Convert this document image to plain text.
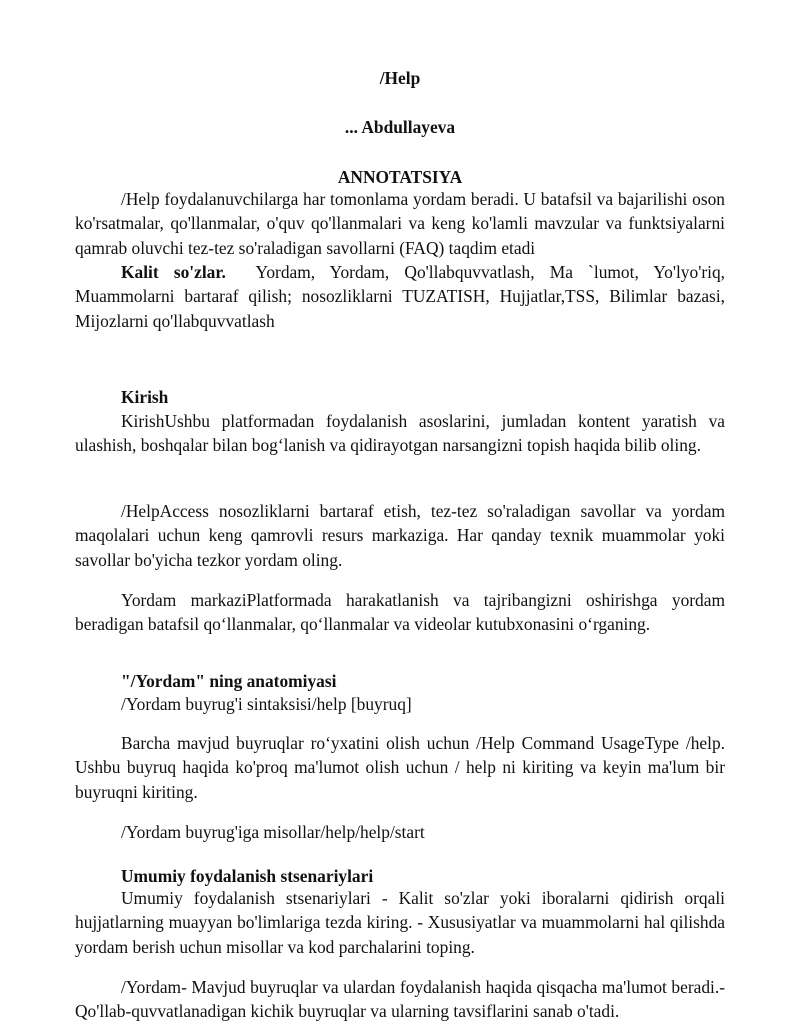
/Help
... Abdullayeva
ANNOTATSIYA

/Help foydalanuvchilarga har tomonlama yordam beradi. U batafsil va bajarilishi oson ko'rsatmalar, qo'llanmalar, o'quv qo'llanmalari va keng ko'lamli mavzular va funktsiyalarni qamrab oluvchi tez-tez so'raladigan savollarni (FAQ) taqdim etadi

Kalit so'zlar. Yordam, Yordam, Qo'llabquvvatlash, Ma `lumot, Yo'lyo'riq, Muammolarni bartaraf qilish; nosozliklarni TUZATISH, Hujjatlar,TSS, Bilimlar bazasi, Mijozlarni qo'llabquvvatlash

Kirish

KirishUshbu platformadan foydalanish asoslarini, jumladan kontent yaratish va ulashish, boshqalar bilan bog‘lanish va qidirayotgan narsangizni topish haqida bilib oling.

/HelpAccess nosozliklarni bartaraf etish, tez-tez so'raladigan savollar va yordam maqolalari uchun keng qamrovli resurs markaziga. Har qanday texnik muammolar yoki savollar bo'yicha tezkor yordam oling.

Yordam markaziPlatformada harakatlanish va tajribangizni oshirishga yordam beradigan batafsil qo‘llanmalar, qo‘llanmalar va videolar kutubxonasini o‘rganing.

"/Yordam" ning anatomiyasi
/Yordam buyrug'i sintaksisi/help [buyruq]

Barcha mavjud buyruqlar ro‘yxatini olish uchun /Help Command UsageType /help. Ushbu buyruq haqida ko'proq ma'lumot olish uchun / help ni kiriting va keyin ma'lum bir buyruqni kiriting.

/Yordam buyrug'iga misollar/help/help/start
Umumiy foydalanish stsenariylari

Umumiy foydalanish stsenariylari - Kalit so'zlar yoki iboralarni qidirish orqali hujjatlarning muayyan bo'limlariga tezda kiring. - Xususiyatlar va muammolarni hal qilishda yordam berish uchun misollar va kod parchalarini toping.

/Yordam- Mavjud buyruqlar va ulardan foydalanish haqida qisqacha ma'lumot beradi.- Qo'llab-quvvatlanadigan kichik buyruqlar va ularning tavsiflarini sanab o'tadi.
